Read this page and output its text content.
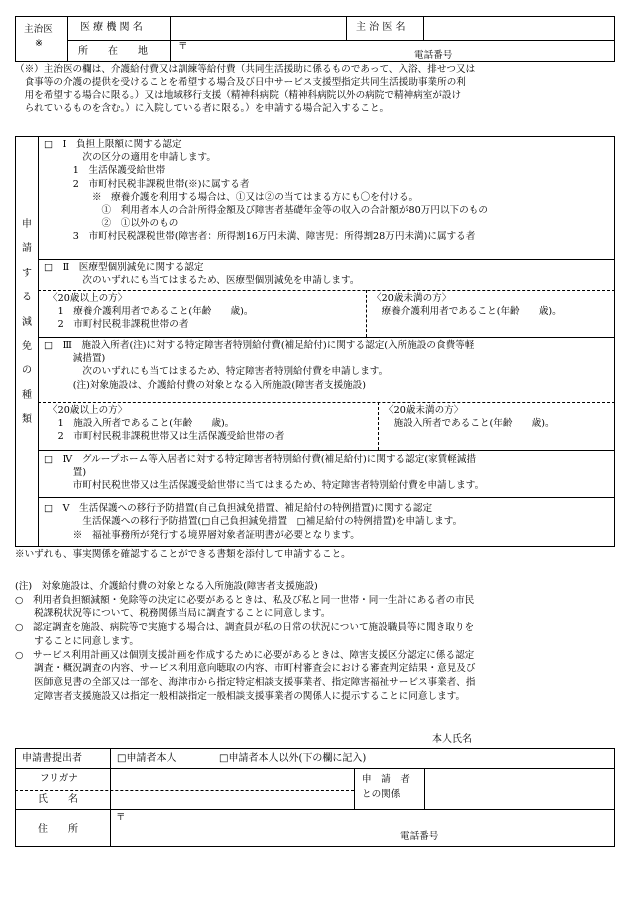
主治医
※
医 療 機 関 名	主 治 医 名
所　　在　　地	〒
電話番号
（※）主治医の欄は、介護給付費又は訓練等給付費（共同生活援助に係るものであって、入浴、排せつ又は
　食事等の介護の提供を受けることを希望する場合及び日中サービス支援型指定共同生活援助事業所の利
　用を希望する場合に限る。）又は地域移行支援（精神科病院（精神科病院以外の病院で精神病室が設け
　られているものを含む。）に入院している者に限る。）を申請する場合記入すること。
申
請
す
る
減
免
の
種
類
□　Ⅰ　負担上限額に関する認定
　　　　次の区分の適用を申請します。
　　　1　生活保護受給世帯
　　　2　市町村民税非課税世帯(※)に属する者
　　　　　※　療養介護を利用する場合は、①又は②の当てはまる方にも〇を付ける。
　　　　　　①　利用者本人の合計所得金額及び障害者基礎年金等の収入の合計額が80万円以下のもの
　　　　　　②　①以外のもの
　　　3　市町村民税課税世帯(障害者：所得割16万円未満、障害児：所得割28万円未満)に属する者
□　Ⅱ　医療型個別減免に関する認定
　　　　次のいずれにも当てはまるため、医療型個別減免を申請します。
〈20歳以上の方〉
　1　療養介護利用者であること(年齢　　歳)。
　2　市町村民税非課税世帯の者
〈20歳未満の方〉
　療養介護利用者であること(年齢　　歳)。
□　Ⅲ　施設入所者(注)に対する特定障害者特別給付費(補足給付)に関する認定(入所施設の食費等軽
　　　減措置)
　　　　次のいずれにも当てはまるため、特定障害者特別給付費を申請します。
　　　(注)対象施設は、介護給付費の対象となる入所施設(障害者支援施設)
〈20歳以上の方〉
　1　施設入所者であること(年齢　　歳)。
　2　市町村民税非課税世帯又は生活保護受給世帯の者
〈20歳未満の方〉
　施設入所者であること(年齢　　歳)。
□　Ⅳ　グループホーム等入居者に対する特定障害者特別給付費(補足給付)に関する認定(家賃軽減措
　　　置)
　　　市町村民税世帯又は生活保護受給世帯に当てはまるため、特定障害者特別給付費を申請します。
□　Ⅴ　生活保護への移行予防措置(自己負担減免措置、補足給付の特例措置)に関する認定
　　　　生活保護への移行予防措置(□自己負担減免措置　□補足給付の特例措置)を申請します。
　　　※　福祉事務所が発行する境界層対象者証明書が必要となります。
※いずれも、事実関係を確認することができる書類を添付して申請すること。
(注)　対象施設は、介護給付費の対象となる入所施設(障害者支援施設)
○　利用者負担額減額・免除等の決定に必要があるときは、私及び私と同一世帯・同一生計にある者の市民
　　税課税状況等について、税務関係当局に調査することに同意します。
○　認定調査を施設、病院等で実施する場合は、調査員が私の日常の状況について施設職員等に聞き取りを
　　することに同意します。
○　サービス利用計画又は個別支援計画を作成するために必要があるときは、障害支援区分認定に係る認定
　　調査・概況調査の内容、サービス利用意向聴取の内容、市町村審査会における審査判定結果・意見及び
　　医師意見書の全部又は一部を、海津市から指定特定相談支援事業者、指定障害福祉サービス事業者、指
　　定障害者支援施設又は指定一般相談指定一般相談支援事業者の関係人に提示することに同意します。
本人氏名
申請書提出者	□申請者本人	□申請者本人以外(下の欄に記入)
フリガナ
氏　　名
申　請　者
との関係
住　　所
〒
電話番号
